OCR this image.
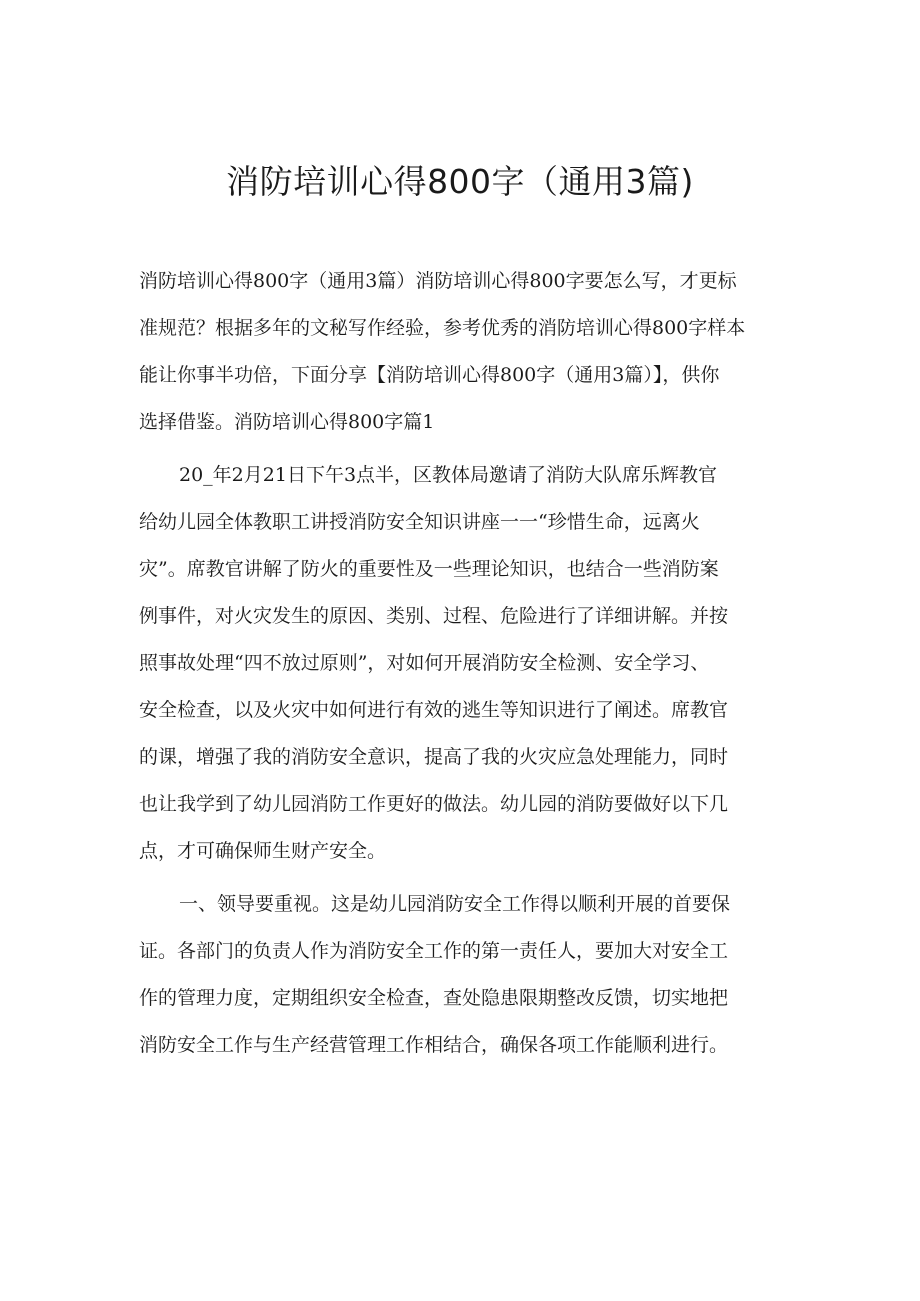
消防培训心得800字（通用3篇)
消防培训心得800字（通用3篇）消防培训心得800字要怎么写，才更标
准规范？根据多年的文秘写作经验，参考优秀的消防培训心得800字样本
能让你事半功倍，下面分享【消防培训心得800字（通用3篇）】，供你
选择借鉴。消防培训心得800字篇1
20_年2月21日下午3点半，区教体局邀请了消防大队席乐辉教官
给幼儿园全体教职工讲授消防安全知识讲座一一“珍惜生命，远离火
灾”。席教官讲解了防火的重要性及一些理论知识，也结合一些消防案
例事件，对火灾发生的原因、类别、过程、危险进行了详细讲解。并按
照事故处理“四不放过原则”，对如何开展消防安全检测、安全学习、
安全检查，以及火灾中如何进行有效的逃生等知识进行了阐述。席教官
的课，增强了我的消防安全意识，提高了我的火灾应急处理能力，同时
也让我学到了幼儿园消防工作更好的做法。幼儿园的消防要做好以下几
点，才可确保师生财产安全。
一、领导要重视。这是幼儿园消防安全工作得以顺利开展的首要保
证。各部门的负责人作为消防安全工作的第一责任人，要加大对安全工
作的管理力度，定期组织安全检查，查处隐患限期整改反馈，切实地把
消防安全工作与生产经营管理工作相结合，确保各项工作能顺利进行。
